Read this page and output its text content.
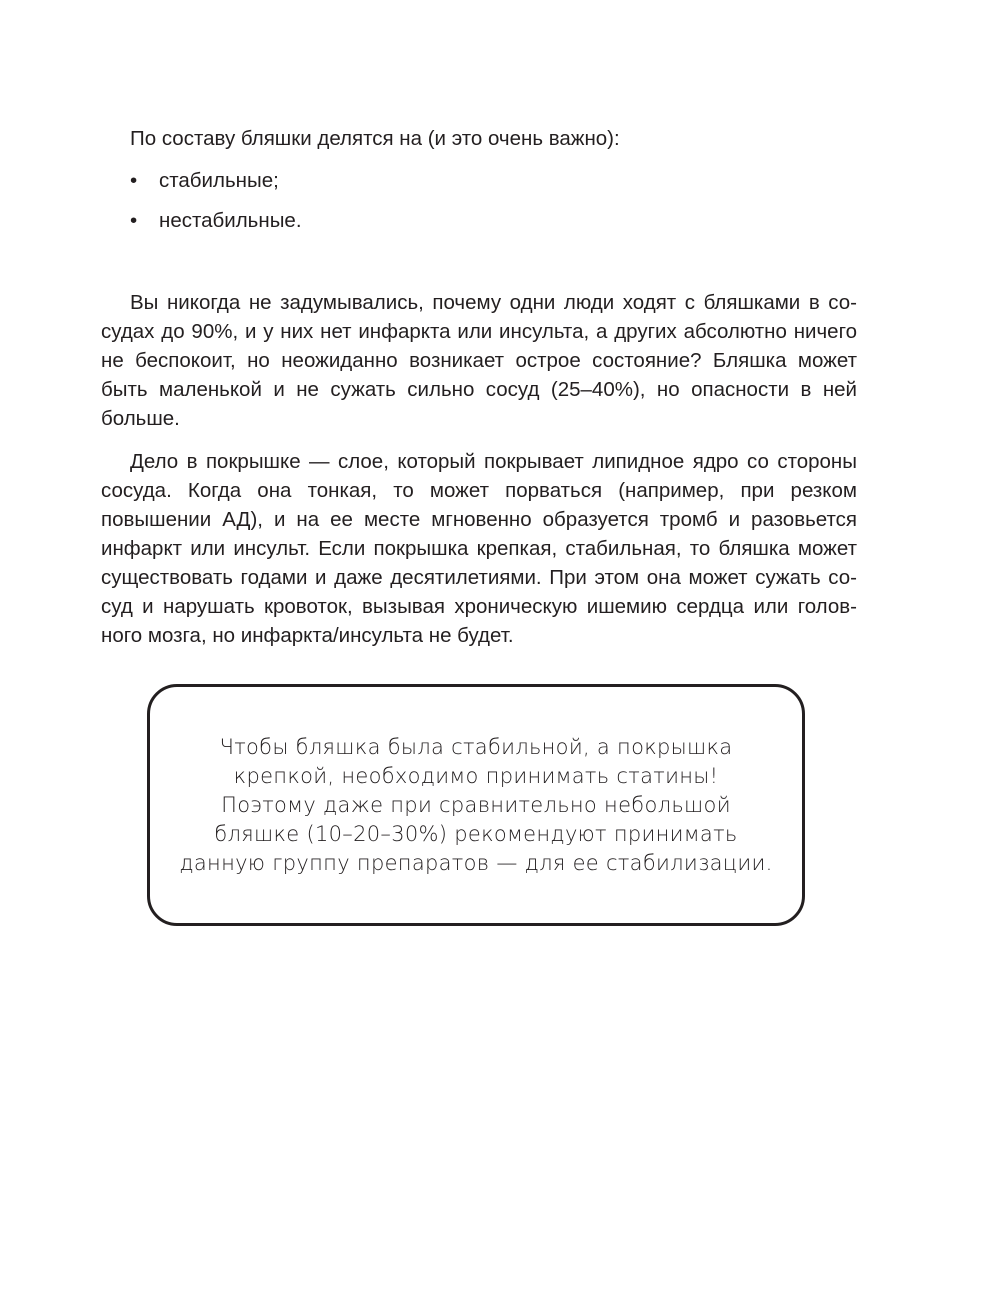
По составу бляшки делятся на (и это очень важно):

• стабильные;
• нестабильные.

Вы никогда не задумывались, почему одни люди ходят с бляшками в сосудах до 90%, и у них нет инфаркта или инсульта, а других абсолютно ничего не беспокоит, но неожиданно возникает острое состояние? Бляшка может быть маленькой и не сужать сильно сосуд (25–40%), но опасности в ней больше.

Дело в покрышке — слое, который покрывает липидное ядро со стороны сосуда. Когда она тонкая, то может порваться (например, при резком повышении АД), и на ее месте мгновенно образуется тромб и разовьется инфаркт или инсульт. Если покрышка крепкая, стабильная, то бляшка может существовать годами и даже десятилетиями. При этом она может сужать сосуд и нарушать кровоток, вызывая хроническую ишемию сердца или головного мозга, но инфаркта/инсульта не будет.

Чтобы бляшка была стабильной, а покрышка
крепкой, необходимо принимать статины!
Поэтому даже при сравнительно небольшой
бляшке (10–20–30%) рекомендуют принимать
данную группу препаратов — для ее стабилизации.
